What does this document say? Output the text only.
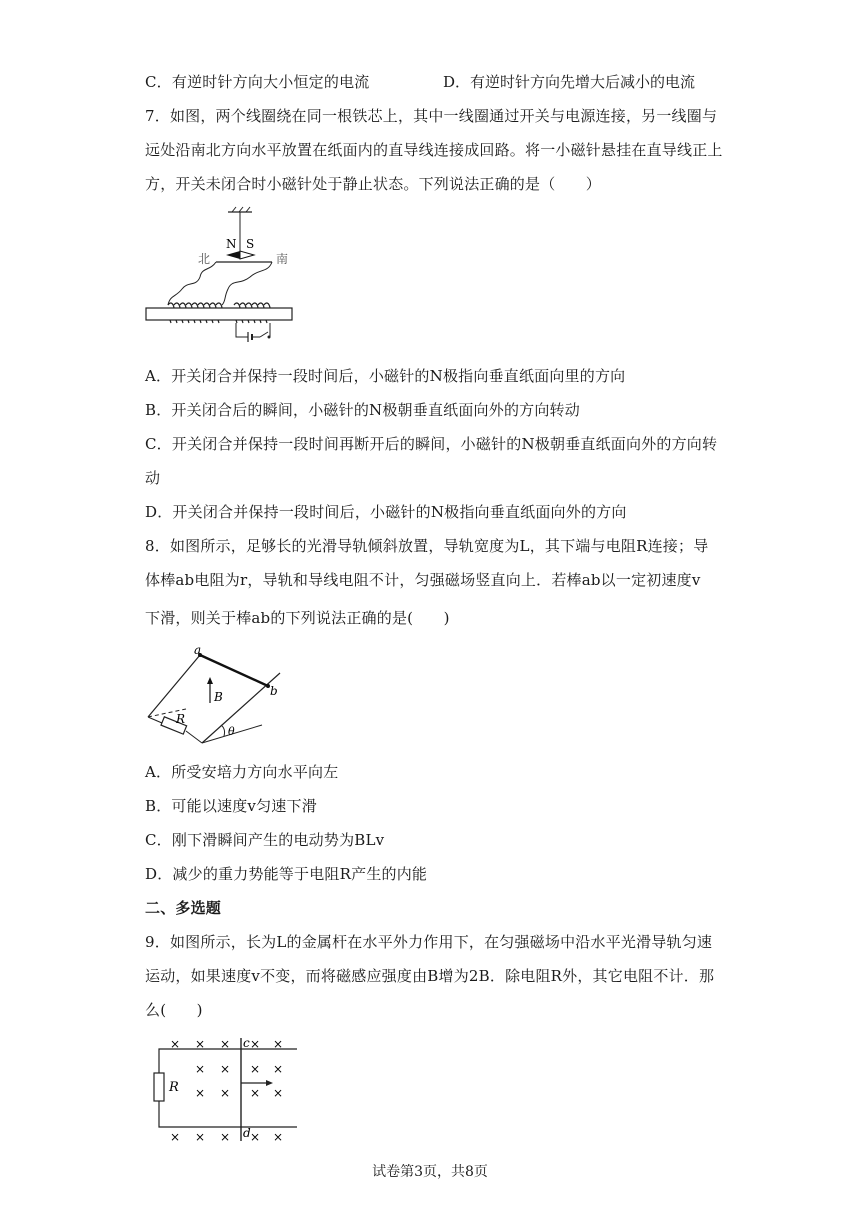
C．有逆时针方向大小恒定的电流	D．有逆时针方向先增大后减小的电流
7．如图，两个线圈绕在同一根铁芯上，其中一线圈通过开关与电源连接，另一线圈与
远处沿南北方向水平放置在纸面内的直导线连接成回路。将一小磁针悬挂在直导线正上
方，开关未闭合时小磁针处于静止状态。下列说法正确的是（　　）
N S
北	南
A．开关闭合并保持一段时间后，小磁针的N极指向垂直纸面向里的方向
B．开关闭合后的瞬间，小磁针的N极朝垂直纸面向外的方向转动
C．开关闭合并保持一段时间再断开后的瞬间，小磁针的N极朝垂直纸面向外的方向转
动
D．开关闭合并保持一段时间后，小磁针的N极指向垂直纸面向外的方向
8．如图所示，足够长的光滑导轨倾斜放置，导轨宽度为L，其下端与电阻R连接；导
体棒ab电阻为r，导轨和导线电阻不计，匀强磁场竖直向上．若棒ab以一定初速度v
下滑，则关于棒ab的下列说法正确的是(　　)
a
b
B
R
θ
A．所受安培力方向水平向左
B．可能以速度v匀速下滑
C．刚下滑瞬间产生的电动势为BLv
D．减少的重力势能等于电阻R产生的内能
二、多选题
9．如图所示，长为L的金属杆在水平外力作用下，在匀强磁场中沿水平光滑导轨匀速
运动，如果速度v不变，而将磁感应强度由B增为2B．除电阻R外，其它电阻不计．那
么(　　)
R
c
d
× × × × ×
× × × ×
× × × ×
× × × × ×
试卷第3页，共8页
